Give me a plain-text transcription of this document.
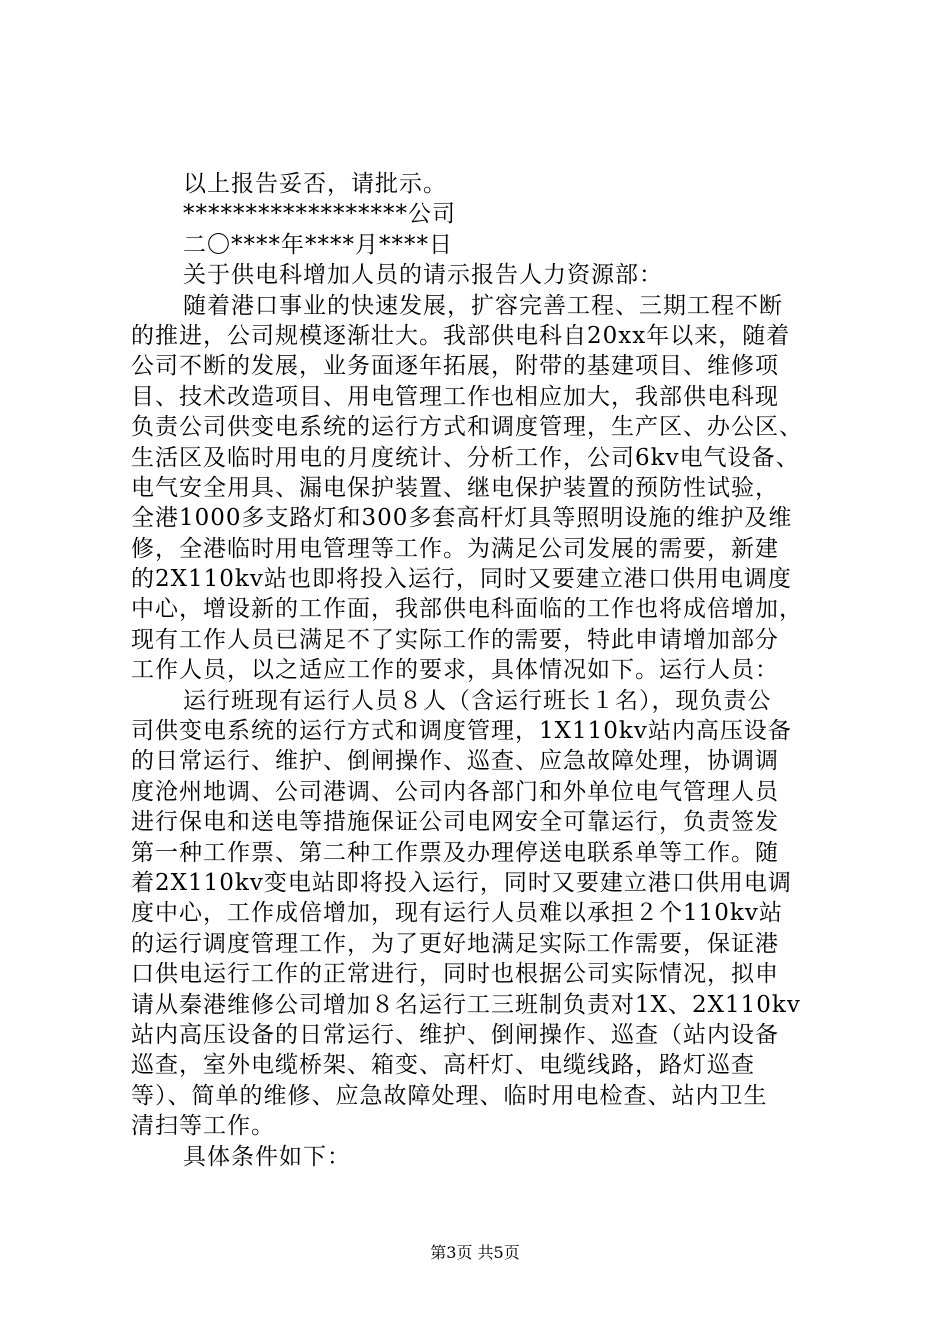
以上报告妥否，请批示。
******************公司
二〇****年****月****日
关于供电科增加人员的请示报告人力资源部：
随着港口事业的快速发展，扩容完善工程、三期工程不断
的推进，公司规模逐渐壮大。我部供电科自20xx年以来，随着
公司不断的发展，业务面逐年拓展，附带的基建项目、维修项
目、技术改造项目、用电管理工作也相应加大，我部供电科现
负责公司供变电系统的运行方式和调度管理，生产区、办公区、
生活区及临时用电的月度统计、分析工作，公司6kv电气设备、
电气安全用具、漏电保护装置、继电保护装置的预防性试验，
全港1000多支路灯和300多套高杆灯具等照明设施的维护及维
修，全港临时用电管理等工作。为满足公司发展的需要，新建
的2X110kv站也即将投入运行，同时又要建立港口供用电调度
中心，增设新的工作面，我部供电科面临的工作也将成倍增加，
现有工作人员已满足不了实际工作的需要，特此申请增加部分
工作人员，以之适应工作的要求，具体情况如下。运行人员：
运行班现有运行人员８人（含运行班长１名），现负责公
司供变电系统的运行方式和调度管理，1X110kv站内高压设备
的日常运行、维护、倒闸操作、巡查、应急故障处理，协调调
度沧州地调、公司港调、公司内各部门和外单位电气管理人员
进行保电和送电等措施保证公司电网安全可靠运行，负责签发
第一种工作票、第二种工作票及办理停送电联系单等工作。随
着2X110kv变电站即将投入运行，同时又要建立港口供用电调
度中心，工作成倍增加，现有运行人员难以承担２个110kv站
的运行调度管理工作，为了更好地满足实际工作需要，保证港
口供电运行工作的正常进行，同时也根据公司实际情况，拟申
请从秦港维修公司增加８名运行工三班制负责对1X、2X110kv
站内高压设备的日常运行、维护、倒闸操作、巡查（站内设备
巡查，室外电缆桥架、箱变、高杆灯、电缆线路，路灯巡查
等）、简单的维修、应急故障处理、临时用电检查、站内卫生
清扫等工作。
具体条件如下：
第3页 共5页
